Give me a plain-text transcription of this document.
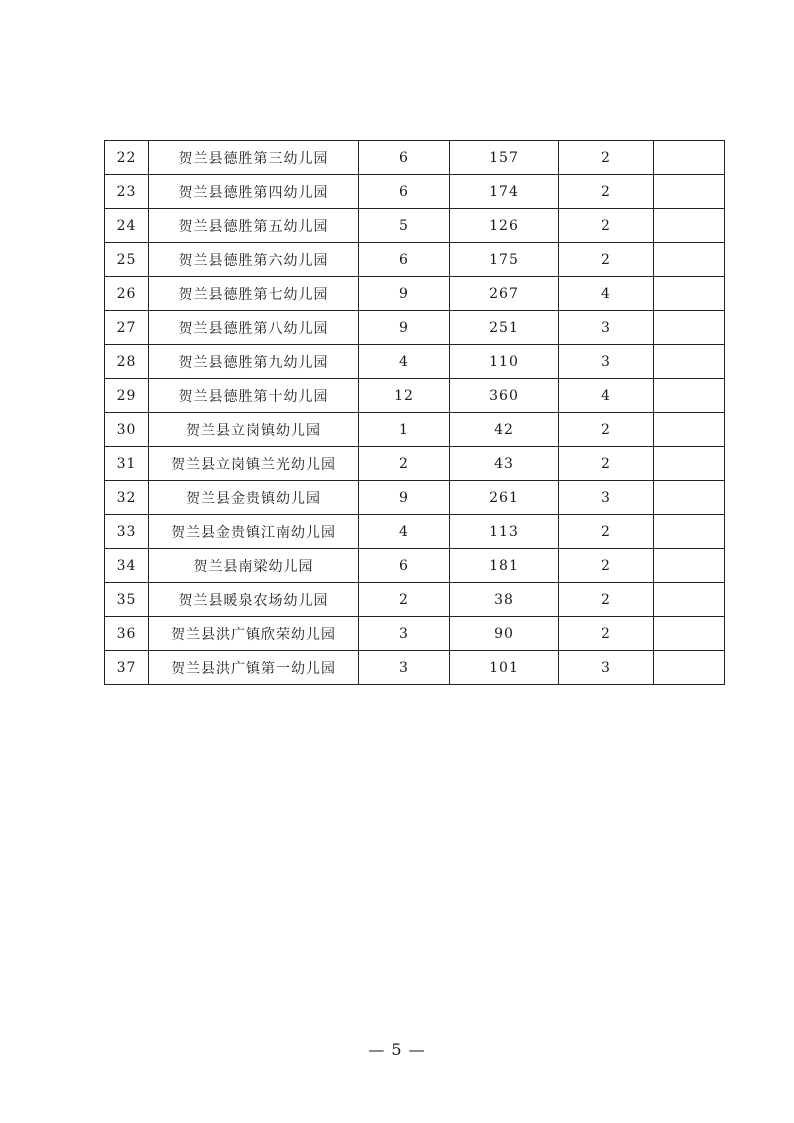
22	贺兰县德胜第三幼儿园	6	157	2	
23	贺兰县德胜第四幼儿园	6	174	2	
24	贺兰县德胜第五幼儿园	5	126	2	
25	贺兰县德胜第六幼儿园	6	175	2	
26	贺兰县德胜第七幼儿园	9	267	4	
27	贺兰县德胜第八幼儿园	9	251	3	
28	贺兰县德胜第九幼儿园	4	110	3	
29	贺兰县德胜第十幼儿园	12	360	4	
30	贺兰县立岗镇幼儿园	1	42	2	
31	贺兰县立岗镇兰光幼儿园	2	43	2	
32	贺兰县金贵镇幼儿园	9	261	3	
33	贺兰县金贵镇江南幼儿园	4	113	2	
34	贺兰县南梁幼儿园	6	181	2	
35	贺兰县暖泉农场幼儿园	2	38	2	
36	贺兰县洪广镇欣荣幼儿园	3	90	2	
37	贺兰县洪广镇第一幼儿园	3	101	3	
— 5 —
